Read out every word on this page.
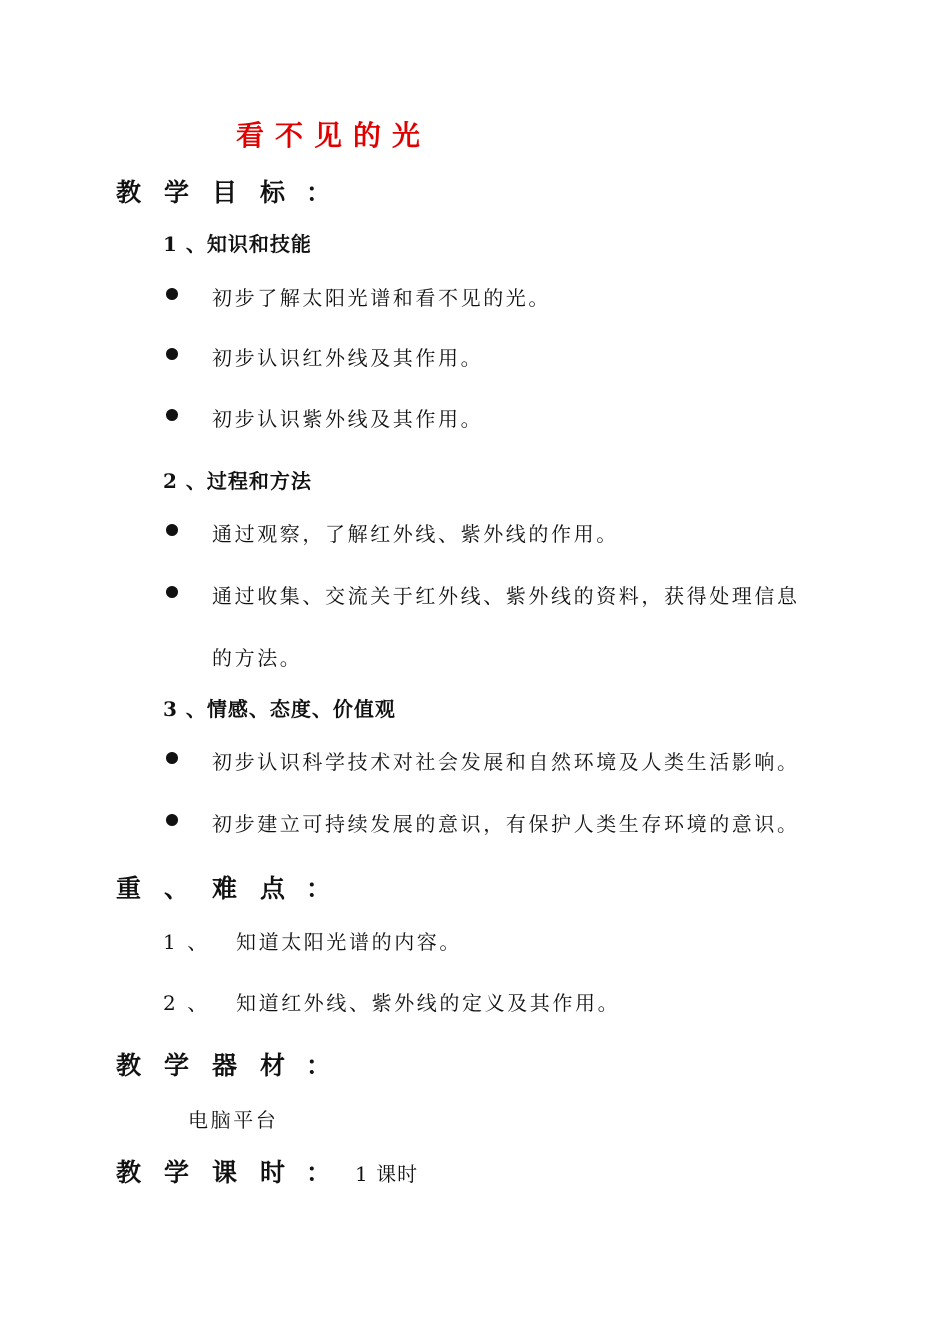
看不见的光
教 学 目 标 ：
1 、知识和技能
初步了解太阳光谱和看不见的光。
初步认识红外线及其作用。
初步认识紫外线及其作用。
2 、过程和方法
通过观察，了解红外线、紫外线的作用。
通过收集、交流关于红外线、紫外线的资料，获得处理信息
的方法。
3 、情感、态度、价值观
初步认识科学技术对社会发展和自然环境及人类生活影响。
初步建立可持续发展的意识，有保护人类生存环境的意识。
重 、 难 点 ：
1 、 知道太阳光谱的内容。
2 、 知道红外线、紫外线的定义及其作用。
教 学 器 材 ：
电脑平台
教 学 课 时 ： 1 课时
